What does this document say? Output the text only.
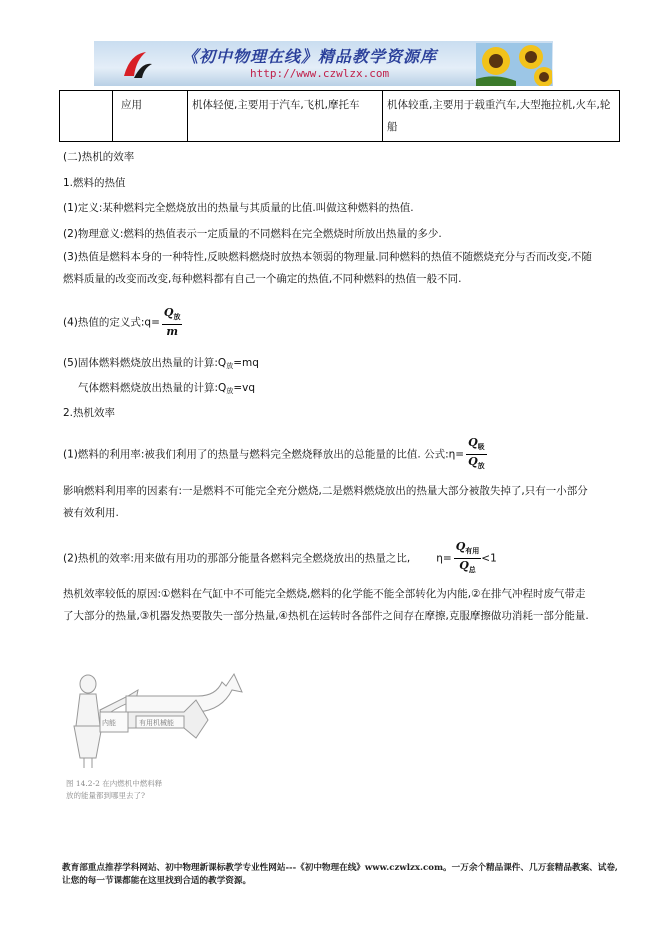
《初中物理在线》精品教学资源库
http://www.czwlzx.com
	应用	机体轻便,主要用于汽车,飞机,摩托车	机体较重,主要用于载重汽车,大型拖拉机,火车,轮船
(二)热机的效率
1.燃料的热值
(1)定义:某种燃料完全燃烧放出的热量与其质量的比值.叫做这种燃料的热值.
(2)物理意义:燃料的热值表示一定质量的不同燃料在完全燃烧时所放出热量的多少.
(3)热值是燃料本身的一种特性,反映燃料燃烧时放热本领弱的物理量.同种燃料的热值不随燃烧充分与否而改变,不随燃料质量的改变而改变,每种燃料都有自己一个确定的热值,不同种燃料的热值一般不同.
(4)热值的定义式:q= $\frac{Q_放}{m}$
(5)固体燃料燃烧放出热量的计算$:Q_放=mq$
气体燃料燃烧放出热量的计算$:Q_放=vq$
2.热机效率
(1)燃料的利用率:被我们利用了的热量与燃料完全燃烧释放出的总能量的比值. 公式:η= $\frac{Q_吸}{Q_放}$
影响燃料利用率的因素有:一是燃料不可能完全充分燃烧,二是燃料燃烧放出的热量大部分被散失掉了,只有一小部分被有效利用.
(2)热机的效率:用来做有用功的那部分能量各燃料完全燃烧放出的热量之比, $\eta= \frac{Q_{有用}}{Q_总} <1$
热机效率较低的原因:①燃料在气缸中不可能完全燃烧,燃料的化学能不能全部转化为内能,②在排气冲程时废气带走了大部分的热量,③机器发热要散失一部分热量,④热机在运转时各部件之间存在摩擦,克服摩擦做功消耗一部分能量.
内能	有用机械能
图 14.2-2 在内燃机中燃料释
放的能量都到哪里去了?
教育部重点推荐学科网站、初中物理新课标教学专业性网站---《初中物理在线》www.czwlzx.com。一万余个精品课件、几万套精品教案、试卷,让您的每一节课都能在这里找到合适的教学资源。
